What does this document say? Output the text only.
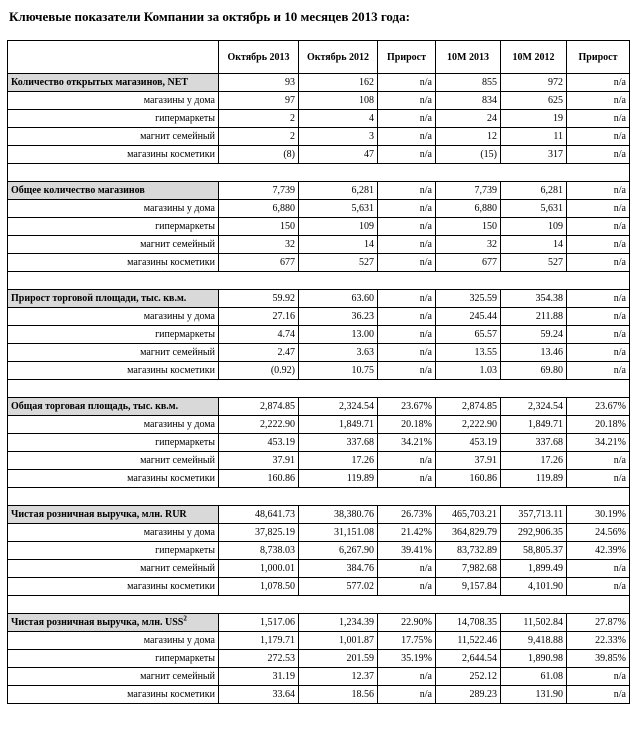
Ключевые показатели Компании за октябрь и 10 месяцев 2013 года:
	Октябрь 2013	Октябрь 2012	Прирост	10M 2013	10M 2012	Прирост
Количество открытых магазинов, NET	93	162	n/a	855	972	n/a
магазины у дома	97	108	n/a	834	625	n/a
гипермаркеты	2	4	n/a	24	19	n/a
магнит семейный	2	3	n/a	12	11	n/a
магазины косметики	(8)	47	n/a	(15)	317	n/a

Общее количество магазинов	7,739	6,281	n/a	7,739	6,281	n/a
магазины у дома	6,880	5,631	n/a	6,880	5,631	n/a
гипермаркеты	150	109	n/a	150	109	n/a
магнит семейный	32	14	n/a	32	14	n/a
магазины косметики	677	527	n/a	677	527	n/a

Прирост торговой площади, тыс. кв.м.	59.92	63.60	n/a	325.59	354.38	n/a
магазины у дома	27.16	36.23	n/a	245.44	211.88	n/a
гипермаркеты	4.74	13.00	n/a	65.57	59.24	n/a
магнит семейный	2.47	3.63	n/a	13.55	13.46	n/a
магазины косметики	(0.92)	10.75	n/a	1.03	69.80	n/a

Общая торговая площадь, тыс. кв.м.	2,874.85	2,324.54	23.67%	2,874.85	2,324.54	23.67%
магазины у дома	2,222.90	1,849.71	20.18%	2,222.90	1,849.71	20.18%
гипермаркеты	453.19	337.68	34.21%	453.19	337.68	34.21%
магнит семейный	37.91	17.26	n/a	37.91	17.26	n/a
магазины косметики	160.86	119.89	n/a	160.86	119.89	n/a

Чистая розничная выручка, млн. RUR	48,641.73	38,380.76	26.73%	465,703.21	357,713.11	30.19%
магазины у дома	37,825.19	31,151.08	21.42%	364,829.79	292,906.35	24.56%
гипермаркеты	8,738.03	6,267.90	39.41%	83,732.89	58,805.37	42.39%
магнит семейный	1,000.01	384.76	n/a	7,982.68	1,899.49	n/a
магазины косметики	1,078.50	577.02	n/a	9,157.84	4,101.90	n/a

Чистая розничная выручка, млн. USS$^2$	1,517.06	1,234.39	22.90%	14,708.35	11,502.84	27.87%
магазины у дома	1,179.71	1,001.87	17.75%	11,522.46	9,418.88	22.33%
гипермаркеты	272.53	201.59	35.19%	2,644.54	1,890.98	39.85%
магнит семейный	31.19	12.37	n/a	252.12	61.08	n/a
магазины косметики	33.64	18.56	n/a	289.23	131.90	n/a
